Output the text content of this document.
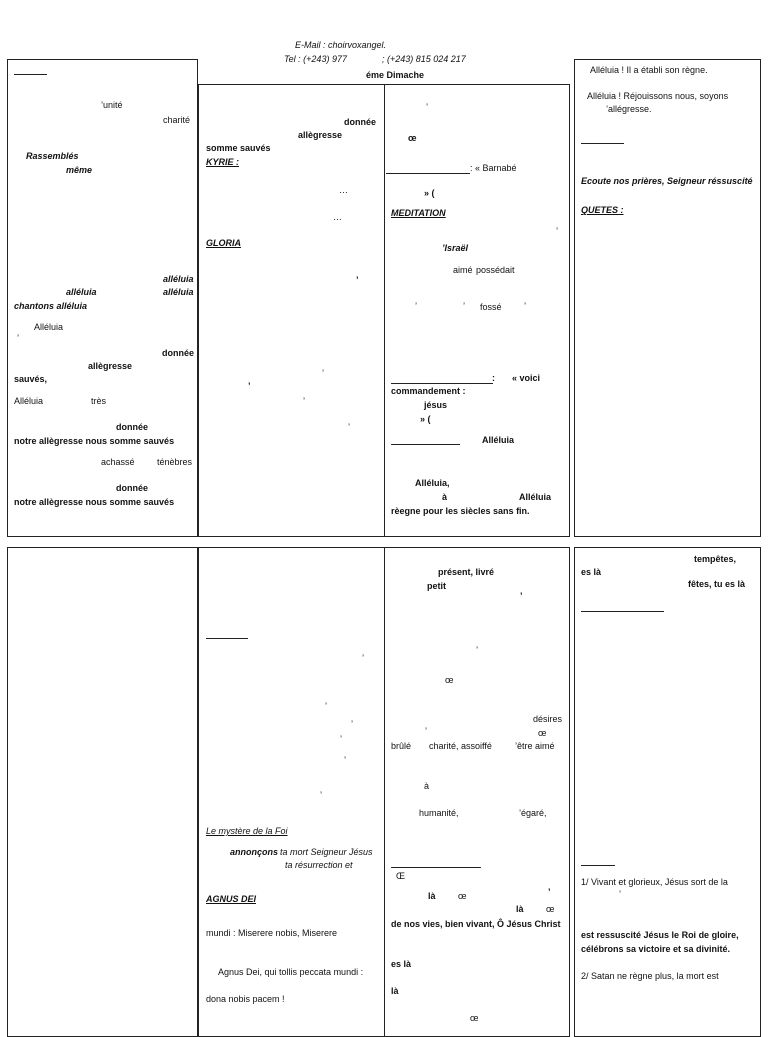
E-Mail : choirvoxangel.
Tel : (+243) 977	; (+243) 815 024 217
éme Dimache
’unité
charité
Rassemblés
même
alléluia
alléluia	alléluia
chantons alléluia
Alléluia
’
donnée
allègresse
sauvés,
Alléluia	très
donnée
notre allègresse nous somme sauvés
achassé ténèbres
donnée
notre allègresse nous somme sauvés
donnée
allègresse
somme sauvés
KYRIE :
…
…
GLORIA
’
’
’
’
’
’
œ
: « Barnabé
» (
MEDITATION
’
’Israël
aimé possédait
’	’ fossé ’
: « voici
commandement :
jésus
» (
Alléluia
Alléluia,
à	Alléluia
rèegne pour les siècles sans fin.
Alléluia ! Il a établi son règne.
Alléluia ! Réjouissons nous, soyons
’allégresse.
Ecoute nos prières, Seigneur réssuscité
QUETES :
’
’
’
’
’
’
Le mystère de la Foi
annonçons ta mort Seigneur Jésus
ta résurrection et
AGNUS DEI
mundi : Miserere nobis, Miserere
Agnus Dei, qui tollis peccata mundi :
dona nobis pacem !
présent, livré
petit
’
’
œ
désires
’	œ
brûlé charité, assoiffé	’être aimé
à
humanité,	’égaré,
Œ
là œ	’
là œ
de nos vies, bien vivant, Ô Jésus Christ
es là
là
œ
tempêtes,
es là
fêtes, tu es là
1/ Vivant et glorieux, Jésus sort de la
’
est ressuscité Jésus le Roi de gloire,
célébrons sa victoire et sa divinité.
2/ Satan ne règne plus, la mort est
